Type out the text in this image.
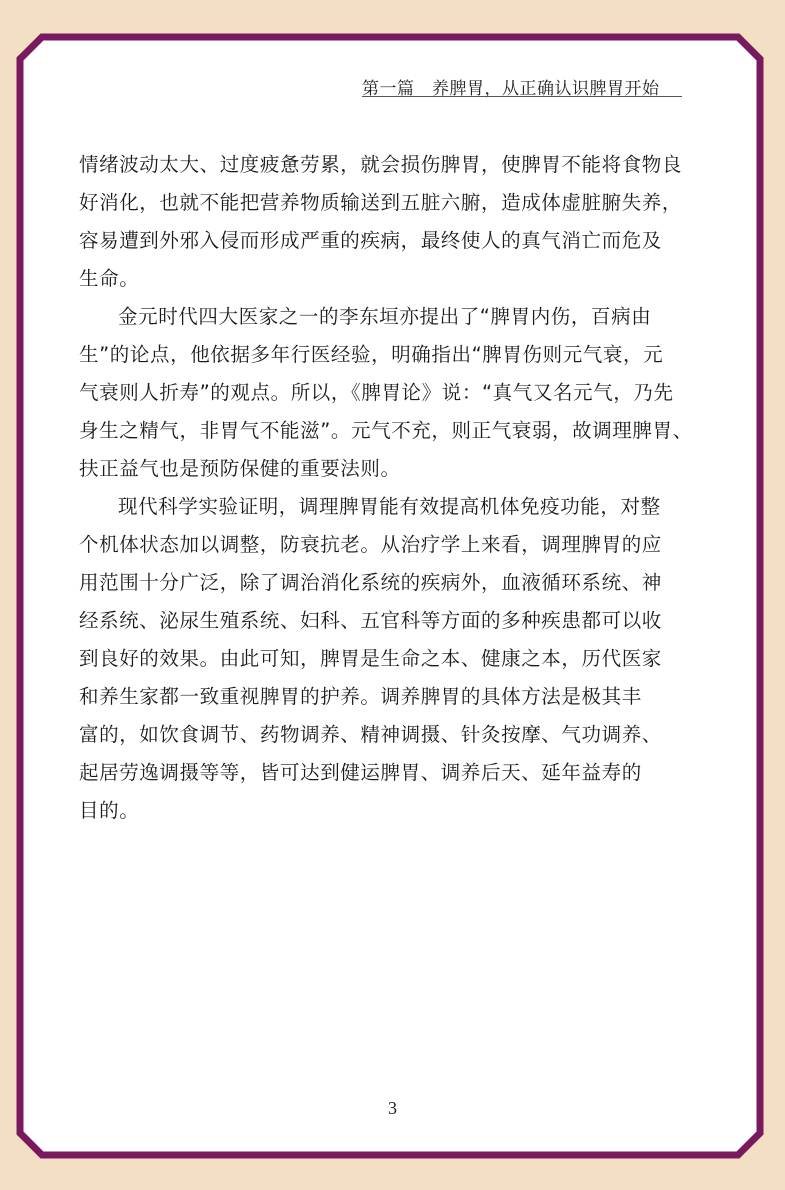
第一篇　养脾胃，从正确认识脾胃开始
情绪波动太大、过度疲惫劳累，就会损伤脾胃，使脾胃不能将食物良
好消化，也就不能把营养物质输送到五脏六腑，造成体虚脏腑失养，
容易遭到外邪入侵而形成严重的疾病，最终使人的真气消亡而危及
生命。
金元时代四大医家之一的李东垣亦提出了“脾胃内伤，百病由
生”的论点，他依据多年行医经验，明确指出“脾胃伤则元气衰，元
气衰则人折寿”的观点。所以，《脾胃论》说：“真气又名元气，乃先
身生之精气，非胃气不能滋”。元气不充，则正气衰弱，故调理脾胃、
扶正益气也是预防保健的重要法则。
现代科学实验证明，调理脾胃能有效提高机体免疫功能，对整
个机体状态加以调整，防衰抗老。从治疗学上来看，调理脾胃的应
用范围十分广泛，除了调治消化系统的疾病外，血液循环系统、神
经系统、泌尿生殖系统、妇科、五官科等方面的多种疾患都可以收
到良好的效果。由此可知，脾胃是生命之本、健康之本，历代医家
和养生家都一致重视脾胃的护养。调养脾胃的具体方法是极其丰
富的，如饮食调节、药物调养、精神调摄、针灸按摩、气功调养、
起居劳逸调摄等等，皆可达到健运脾胃、调养后天、延年益寿的
目的。
3
